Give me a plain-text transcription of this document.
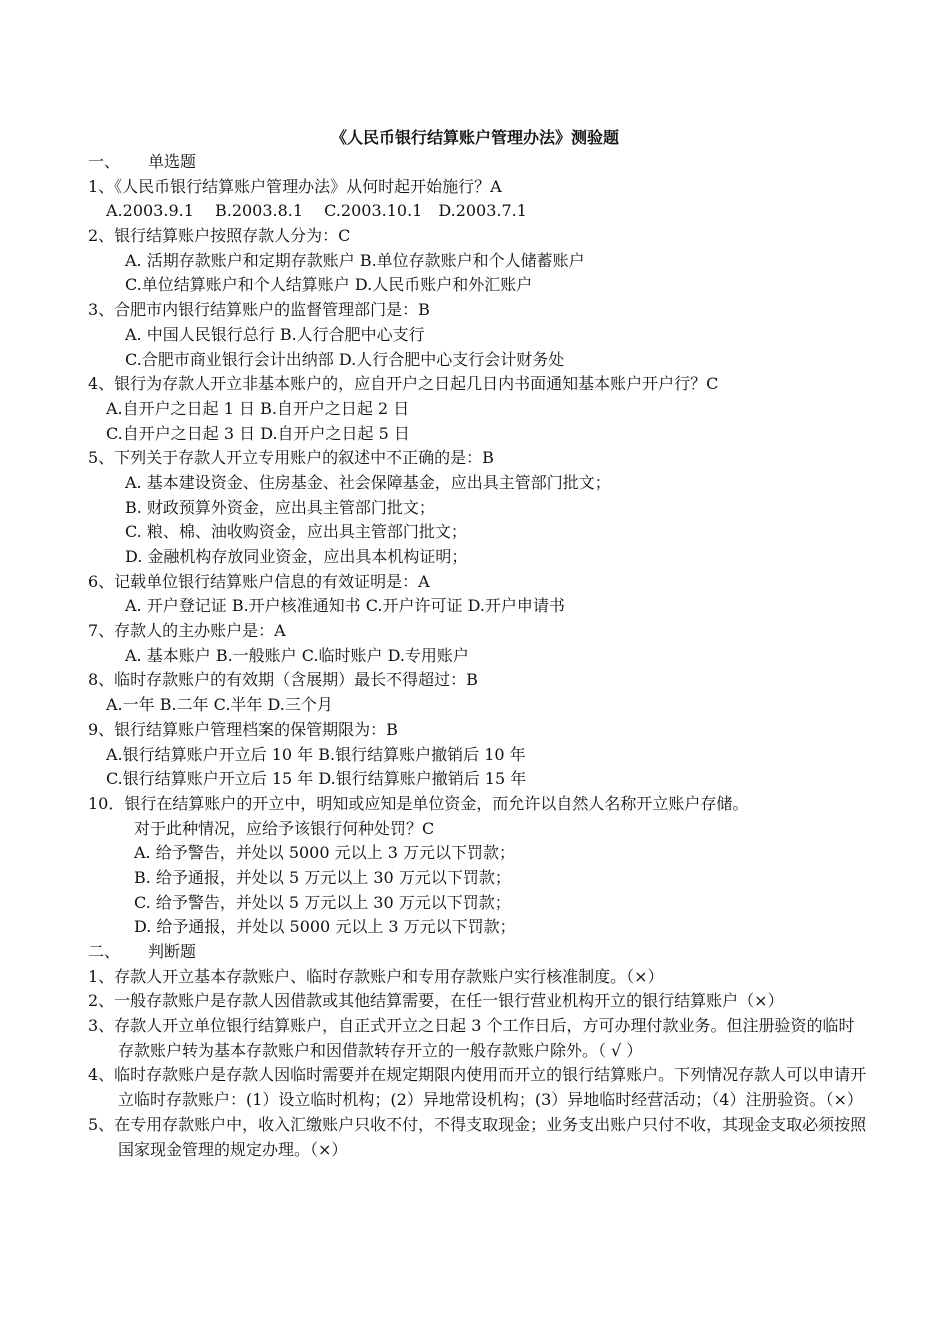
《人民币银行结算账户管理办法》测验题
一、 单选题
1、《人民币银行结算账户管理办法》从何时起开始施行？A
A.2003.9.1　 B.2003.8.1　 C.2003.10.1　D.2003.7.1
2、银行结算账户按照存款人分为：C
A. 活期存款账户和定期存款账户 B.单位存款账户和个人储蓄账户
C.单位结算账户和个人结算账户 D.人民币账户和外汇账户
3、合肥市内银行结算账户的监督管理部门是：B
A. 中国人民银行总行 B.人行合肥中心支行
C.合肥市商业银行会计出纳部 D.人行合肥中心支行会计财务处
4、银行为存款人开立非基本账户的，应自开户之日起几日内书面通知基本账户开户行？C
A.自开户之日起 1 日 B.自开户之日起 2 日
C.自开户之日起 3 日 D.自开户之日起 5 日
5、下列关于存款人开立专用账户的叙述中不正确的是：B
A. 基本建设资金、住房基金、社会保障基金，应出具主管部门批文；
B. 财政预算外资金，应出具主管部门批文；
C. 粮、棉、油收购资金，应出具主管部门批文；
D. 金融机构存放同业资金，应出具本机构证明；
6、记载单位银行结算账户信息的有效证明是：A
A. 开户登记证 B.开户核准通知书 C.开户许可证 D.开户申请书
7、存款人的主办账户是：A
A. 基本账户 B.一般账户 C.临时账户 D.专用账户
8、临时存款账户的有效期（含展期）最长不得超过：B
A.一年 B.二年 C.半年 D.三个月
9、银行结算账户管理档案的保管期限为：B
A.银行结算账户开立后 10 年 B.银行结算账户撤销后 10 年
C.银行结算账户开立后 15 年 D.银行结算账户撤销后 15 年
10．银行在结算账户的开立中，明知或应知是单位资金，而允许以自然人名称开立账户存储。
对于此种情况，应给予该银行何种处罚？C
A. 给予警告，并处以 5000 元以上 3 万元以下罚款；
B. 给予通报，并处以 5 万元以上 30 万元以下罚款；
C. 给予警告，并处以 5 万元以上 30 万元以下罚款；
D. 给予通报，并处以 5000 元以上 3 万元以下罚款；
二、 判断题
1、存款人开立基本存款账户、临时存款账户和专用存款账户实行核准制度。（×）
2、一般存款账户是存款人因借款或其他结算需要，在任一银行营业机构开立的银行结算账户（×）
3、存款人开立单位银行结算账户，自正式开立之日起 3 个工作日后，方可办理付款业务。但注册验资的临时存款账户转为基本存款账户和因借款转存开立的一般存款账户除外。（ √ ）
4、临时存款账户是存款人因临时需要并在规定期限内使用而开立的银行结算账户。下列情况存款人可以申请开立临时存款账户：(1）设立临时机构；(2）异地常设机构；(3）异地临时经营活动；（4）注册验资。（×）
5、在专用存款账户中，收入汇缴账户只收不付，不得支取现金；业务支出账户只付不收，其现金支取必须按照国家现金管理的规定办理。（×）
